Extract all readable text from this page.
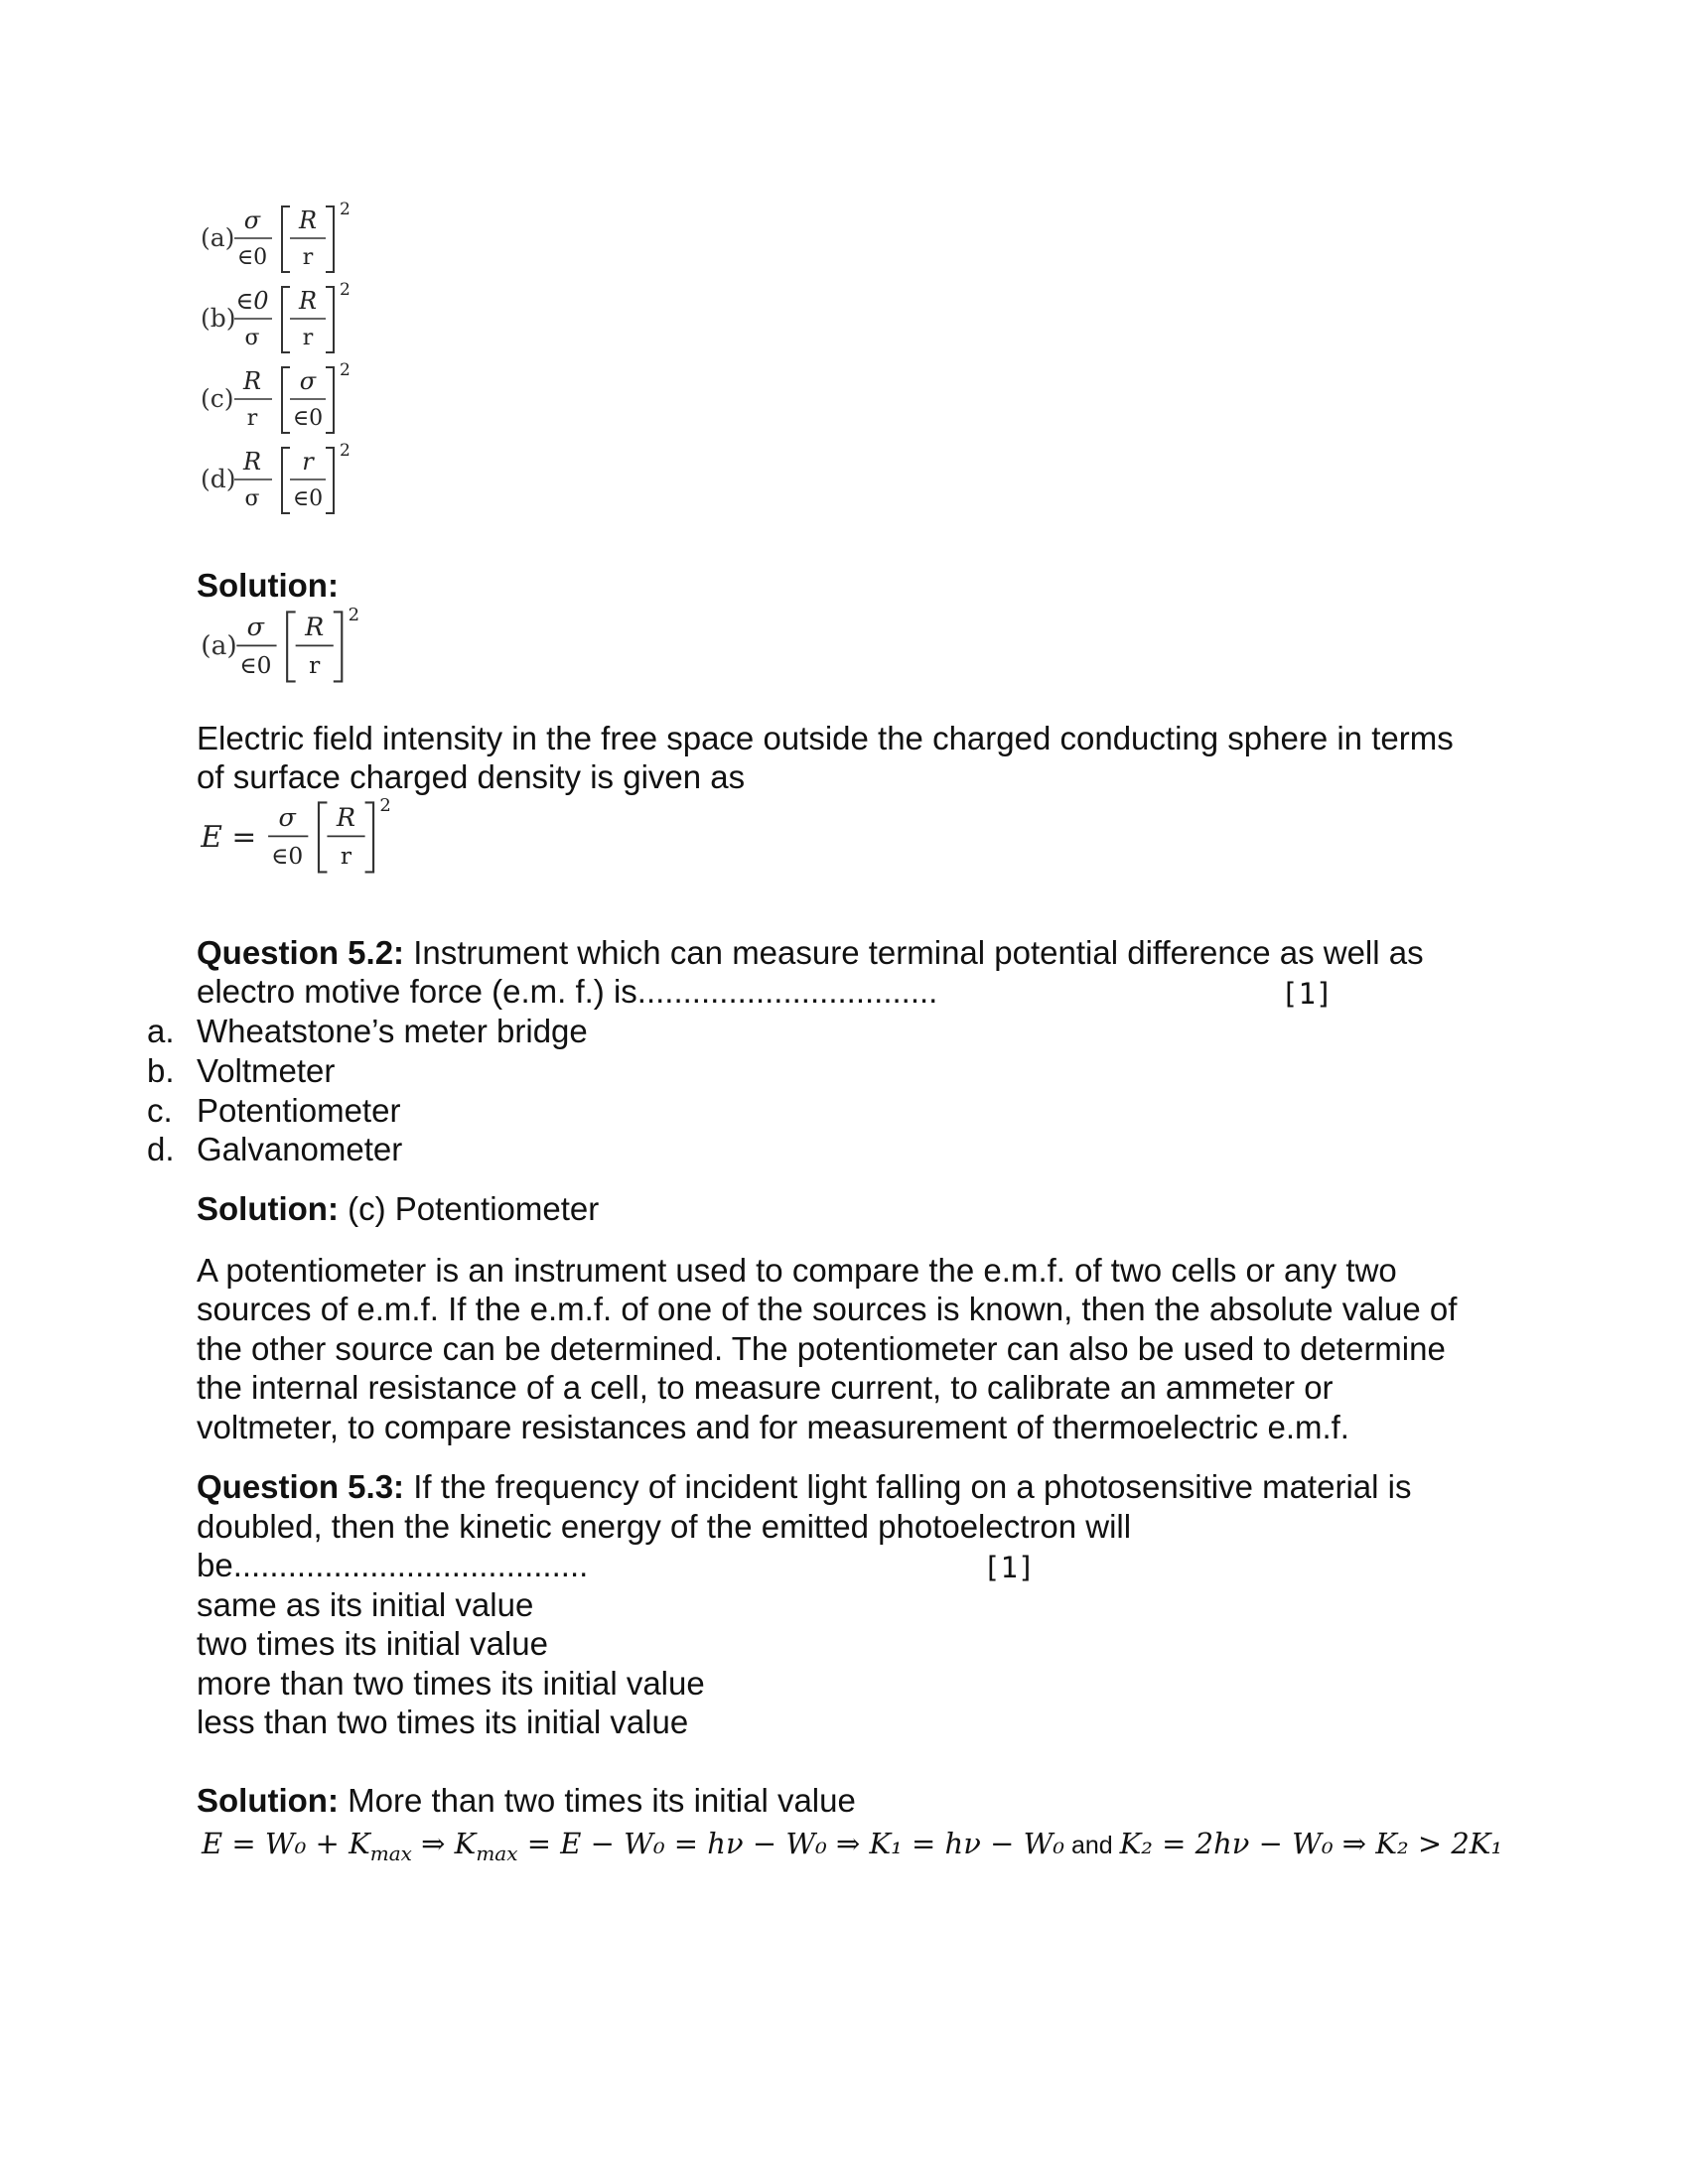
(a)
σ
∈0
R
r
2
(b)
∈0
σ
R
r
2
(c)
R
r
σ
∈0
2
(d)
R
σ
r
∈0
2
Solution:
(a)
σ
∈0
R
r
2
Electric field intensity in the free space outside the charged conducting sphere in terms
of surface charged density is given as
E =
σ
∈0
R
r
2
Question 5.2: Instrument which can measure terminal potential difference as well as
electro motive force (e.m. f.) is.................................	[1]
a. Wheatstone’s meter bridge
b. Voltmeter
c. Potentiometer
d. Galvanometer
Solution: (c) Potentiometer
A potentiometer is an instrument used to compare the e.m.f. of two cells or any two
sources of e.m.f. If the e.m.f. of one of the sources is known, then the absolute value of
the other source can be determined. The potentiometer can also be used to determine
the internal resistance of a cell, to measure current, to calibrate an ammeter or
voltmeter, to compare resistances and for measurement of thermoelectric e.m.f.
Question 5.3: If the frequency of incident light falling on a photosensitive material is
doubled, then the kinetic energy of the emitted photoelectron will
be.......................................	[1]
same as its initial value
two times its initial value
more than two times its initial value
less than two times its initial value
Solution: More than two times its initial value
$E = W_0 + K_{max}$ ⇒ $K_{max} = E - W_0 = h\nu - W_0$ ⇒ K₁ = hν − W₀ and K₂ = 2hν − W₀ ⇒ K₂ > 2K₁
